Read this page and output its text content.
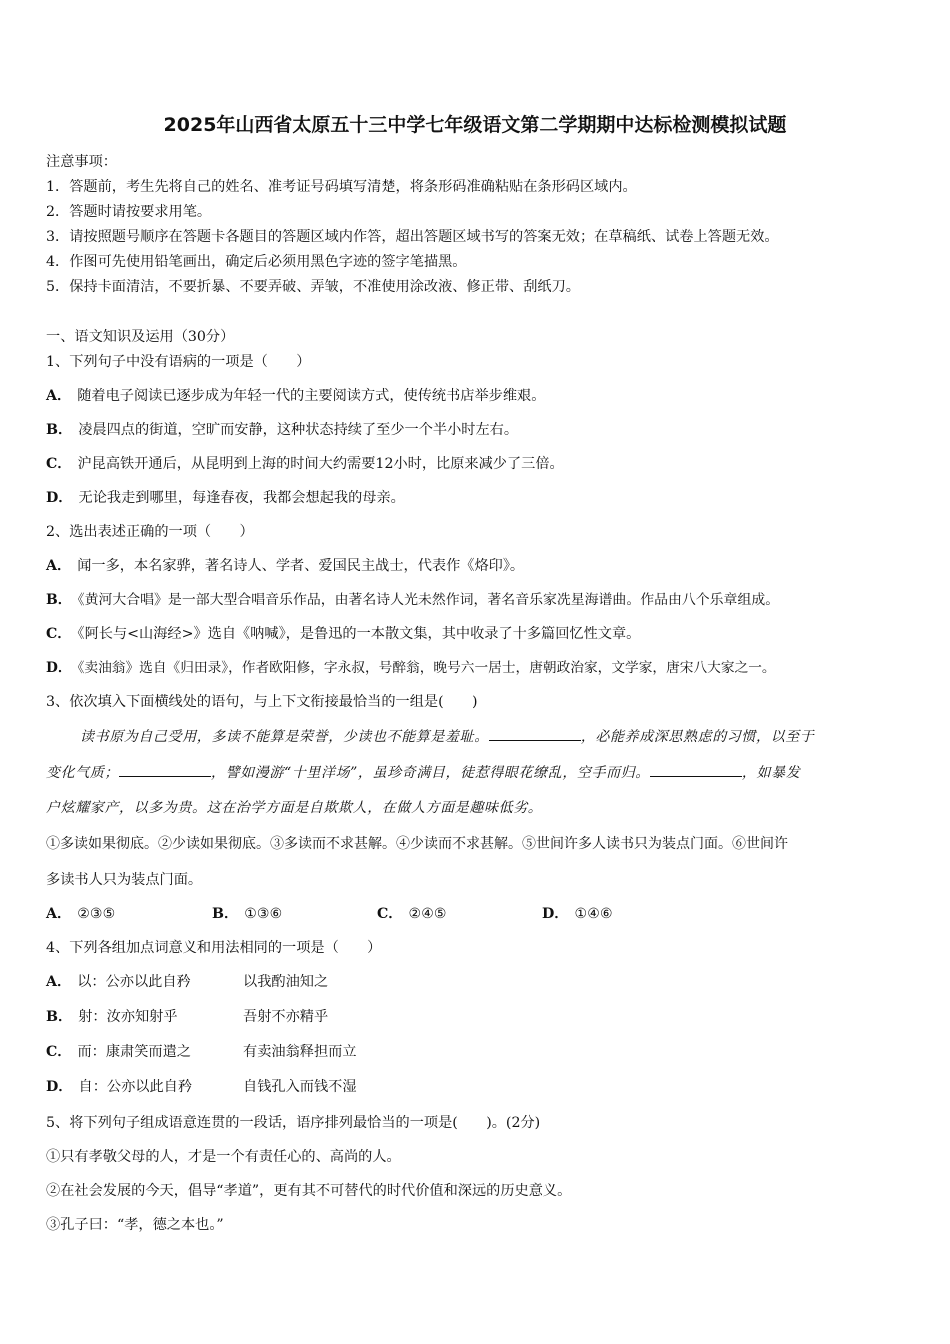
2025年山西省太原五十三中学七年级语文第二学期期中达标检测模拟试题
注意事项：
1．答题前，考生先将自己的姓名、准考证号码填写清楚，将条形码准确粘贴在条形码区域内。
2．答题时请按要求用笔。
3．请按照题号顺序在答题卡各题目的答题区域内作答，超出答题区域书写的答案无效；在草稿纸、试卷上答题无效。
4．作图可先使用铅笔画出，确定后必须用黑色字迹的签字笔描黑。
5．保持卡面清洁，不要折暴、不要弄破、弄皱，不准使用涂改液、修正带、刮纸刀。
一、语文知识及运用（30分）
1、下列句子中没有语病的一项是（　　）
A． 随着电子阅读已逐步成为年轻一代的主要阅读方式，使传统书店举步维艰。
B． 凌晨四点的街道，空旷而安静，这种状态持续了至少一个半小时左右。
C． 沪昆高铁开通后，从昆明到上海的时间大约需要12小时，比原来减少了三倍。
D． 无论我走到哪里，每逢春夜，我都会想起我的母亲。
2、选出表述正确的一项（　　）
A． 闻一多，本名家骅，著名诗人、学者、爱国民主战士，代表作《烙印》。
B． 《黄河大合唱》是一部大型合唱音乐作品，由著名诗人光未然作词，著名音乐家冼星海谱曲。作品由八个乐章组成。
C． 《阿长与<山海经>》选自《呐喊》，是鲁迅的一本散文集，其中收录了十多篇回忆性文章。
D． 《卖油翁》选自《归田录》，作者欧阳修，字永叔，号醉翁，晚号六一居士，唐朝政治家，文学家，唐宋八大家之一。
3、依次填入下面横线处的语句，与上下文衔接最恰当的一组是(　　)
读书原为自己受用，多读不能算是荣誉，少读也不能算是羞耻。	，必能养成深思熟虑的习惯，以至于
变化气质；	，譬如漫游“十里洋场”，虽珍奇满目，徒惹得眼花缭乱，空手而归。	，如暴发
户炫耀家产，以多为贵。这在治学方面是自欺欺人，在做人方面是趣味低劣。
①多读如果彻底。②少读如果彻底。③多读而不求甚解。④少读而不求甚解。⑤世间许多人读书只为装点门面。⑥世间许
多读书人只为装点门面。
A． ②③⑤	B． ①③⑥	C． ②④⑤	D． ①④⑥
4、下列各组加点词意义和用法相同的一项是（　　）
A． 以：公亦以此自矜	以我酌油知之
B． 射：汝亦知射乎	吾射不亦精乎
C． 而：康肃笑而遣之	有卖油翁释担而立
D． 自：公亦以此自矜	自钱孔入而钱不湿
5、将下列句子组成语意连贯的一段话，语序排列最恰当的一项是(　　)。(2分)
①只有孝敬父母的人，才是一个有责任心的、高尚的人。
②在社会发展的今天，倡导“孝道”，更有其不可替代的时代价值和深远的历史意义。
③孔子曰：“孝，德之本也。”
